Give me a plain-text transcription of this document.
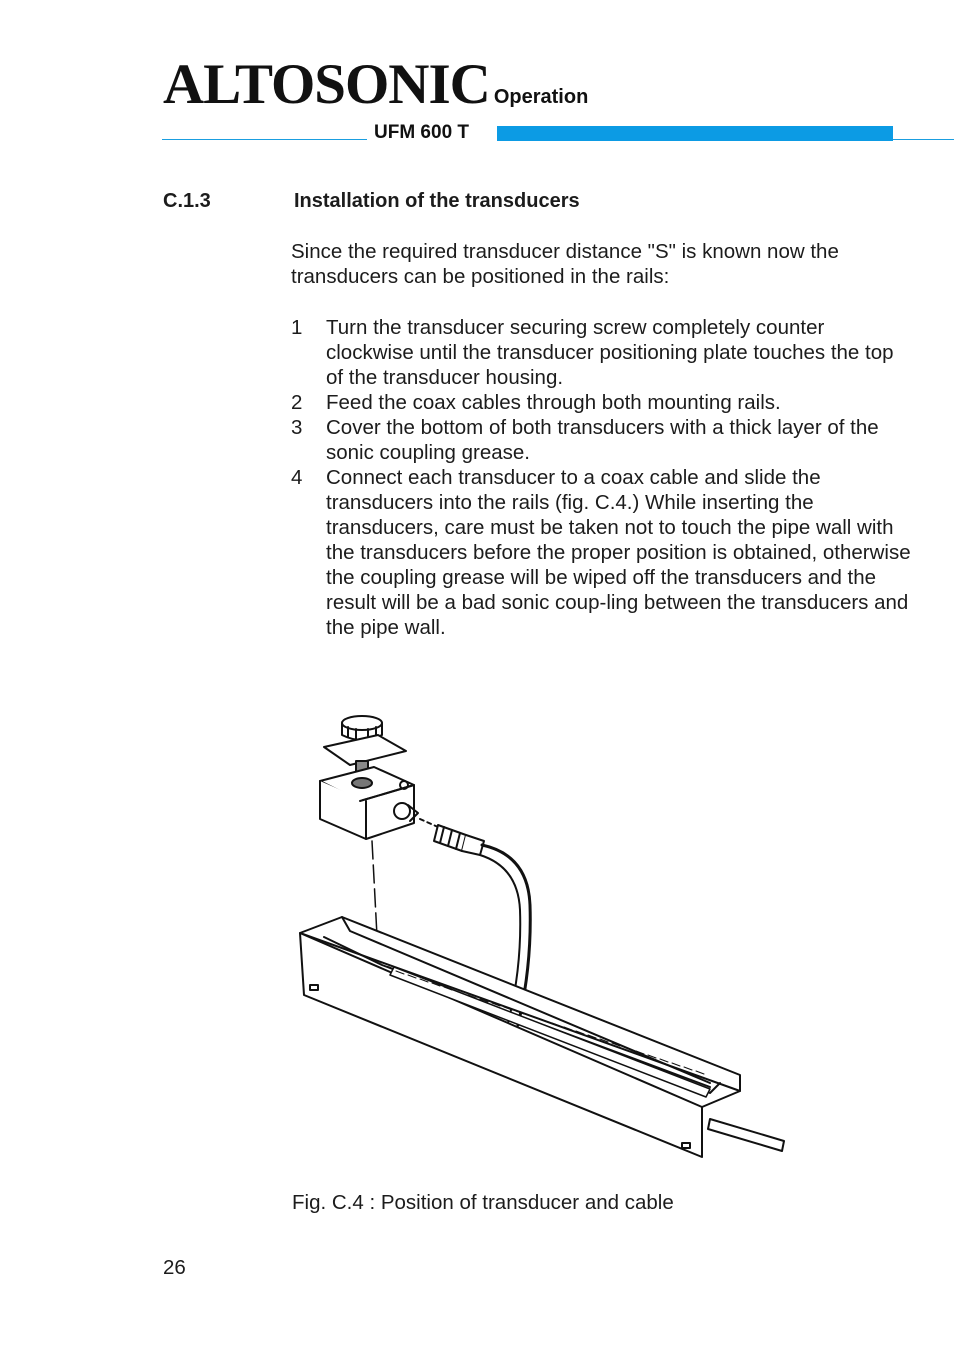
ALTOSONIC Operation
UFM 600 T
C.1.3	Installation of the transducers

Since the required transducer distance "S" is known now the transducers can be positioned in the rails:

1	Turn the transducer securing screw completely counter clockwise until the transducer positioning plate touches the top of the transducer housing.
2	Feed the coax cables through both mounting rails.
3	Cover the bottom of both transducers with a thick layer of the sonic coupling grease.
4	Connect each transducer to a coax cable and slide the transducers into the rails (fig. C.4.) While inserting the transducers, care must be taken not to touch the pipe wall with the transducers before the proper position is obtained, otherwise the coupling grease will be wiped off the transducers and the result will be a bad sonic coup-ling between the transducers and the pipe wall.
Fig. C.4 : Position of transducer and cable
26
